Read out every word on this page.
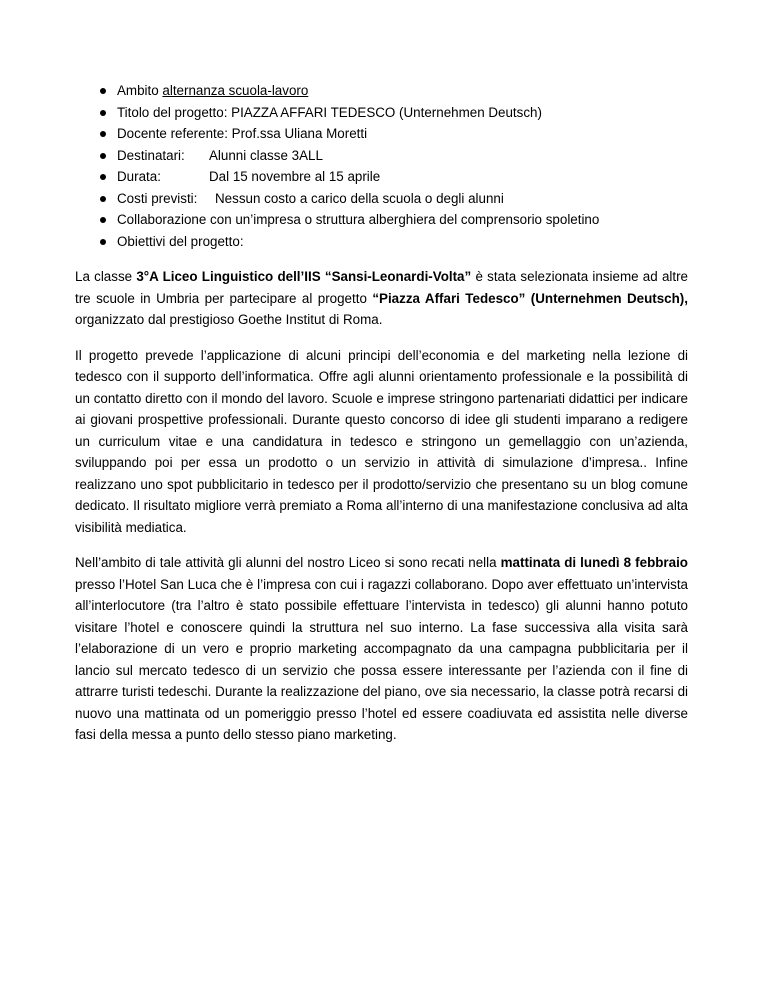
Ambito alternanza scuola-lavoro
Titolo del progetto: PIAZZA AFFARI TEDESCO (Unternehmen Deutsch)
Docente referente: Prof.ssa Uliana Moretti
Destinatari: Alunni classe 3ALL
Durata:	Dal 15 novembre al 15 aprile
Costi previsti: Nessun costo a carico della scuola o degli alunni
Collaborazione con un’impresa o struttura alberghiera del comprensorio spoletino
Obiettivi del progetto:

La classe 3°A Liceo Linguistico dell’IIS “Sansi-Leonardi-Volta” è stata selezionata insieme ad altre tre scuole in Umbria per partecipare al progetto “Piazza Affari Tedesco” (Unternehmen Deutsch), organizzato dal prestigioso Goethe Institut di Roma.

Il progetto prevede l’applicazione di alcuni principi dell’economia e del marketing nella lezione di tedesco con il supporto dell’informatica. Offre agli alunni orientamento professionale e la possibilità di un contatto diretto con il mondo del lavoro. Scuole e imprese stringono partenariati didattici per indicare ai giovani prospettive professionali. Durante questo concorso di idee gli studenti imparano a redigere un curriculum vitae e una candidatura in tedesco e stringono un gemellaggio con un’azienda, sviluppando poi per essa un prodotto o un servizio in attività di simulazione d’impresa.. Infine realizzano uno spot pubblicitario in tedesco per il prodotto/servizio che presentano su un blog comune dedicato. Il risultato migliore verrà premiato a Roma all’interno di una manifestazione conclusiva ad alta visibilità mediatica.

Nell’ambito di tale attività gli alunni del nostro Liceo si sono recati nella mattinata di lunedì 8 febbraio presso l’Hotel San Luca che è l’impresa con cui i ragazzi collaborano. Dopo aver effettuato un’intervista all’interlocutore (tra l’altro è stato possibile effettuare l’intervista in tedesco) gli alunni hanno potuto visitare l’hotel e conoscere quindi la struttura nel suo interno. La fase successiva alla visita sarà l’elaborazione di un vero e proprio marketing accompagnato da una campagna pubblicitaria per il lancio sul mercato tedesco di un servizio che possa essere interessante per l’azienda con il fine di attrarre turisti tedeschi. Durante la realizzazione del piano, ove sia necessario, la classe potrà recarsi di nuovo una mattinata od un pomeriggio presso l’hotel ed essere coadiuvata ed assistita nelle diverse fasi della messa a punto dello stesso piano marketing.
